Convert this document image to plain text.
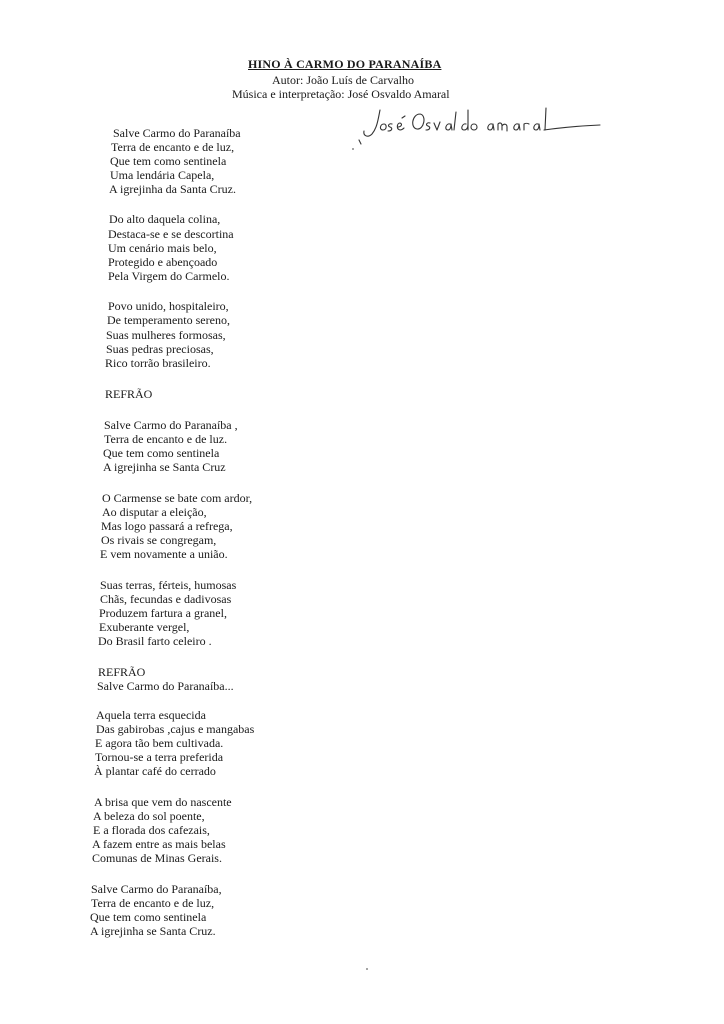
HINO À CARMO DO PARANAÍBA
Autor: João Luís de Carvalho
Música e interpretação: José Osvaldo Amaral
José Osvaldo Amaral
Salve Carmo do Paranaíba
Terra de encanto e de luz,
Que tem como sentinela
Uma lendária Capela,
A igrejinha da Santa Cruz.
Do alto daquela colina,
Destaca-se e se descortina
Um cenário mais belo,
Protegido e abençoado
Pela Virgem do Carmelo.
Povo unido, hospitaleiro,
De temperamento sereno,
Suas mulheres formosas,
Suas pedras preciosas,
Rico torrão brasileiro.
REFRÃO
Salve Carmo do Paranaíba ,
Terra de encanto e de luz.
Que tem como sentinela
A igrejinha se Santa Cruz
O Carmense se bate com ardor,
Ao disputar a eleição,
Mas logo passará a refrega,
Os rivais se congregam,
E vem novamente a união.
Suas terras, férteis, humosas
Chãs, fecundas e dadivosas
Produzem fartura a granel,
Exuberante vergel,
Do Brasil farto celeiro .
REFRÃO
Salve Carmo do Paranaíba...
Aquela terra esquecida
Das gabirobas ,cajus e mangabas
E agora tão bem cultivada.
Tornou-se a terra preferida
À plantar café do cerrado
A brisa que vem do nascente
A beleza do sol poente,
E a florada dos cafezais,
A fazem entre as mais belas
Comunas de Minas Gerais.
Salve Carmo do Paranaíba,
Terra de encanto e de luz,
Que tem como sentinela
A igrejinha se Santa Cruz.
